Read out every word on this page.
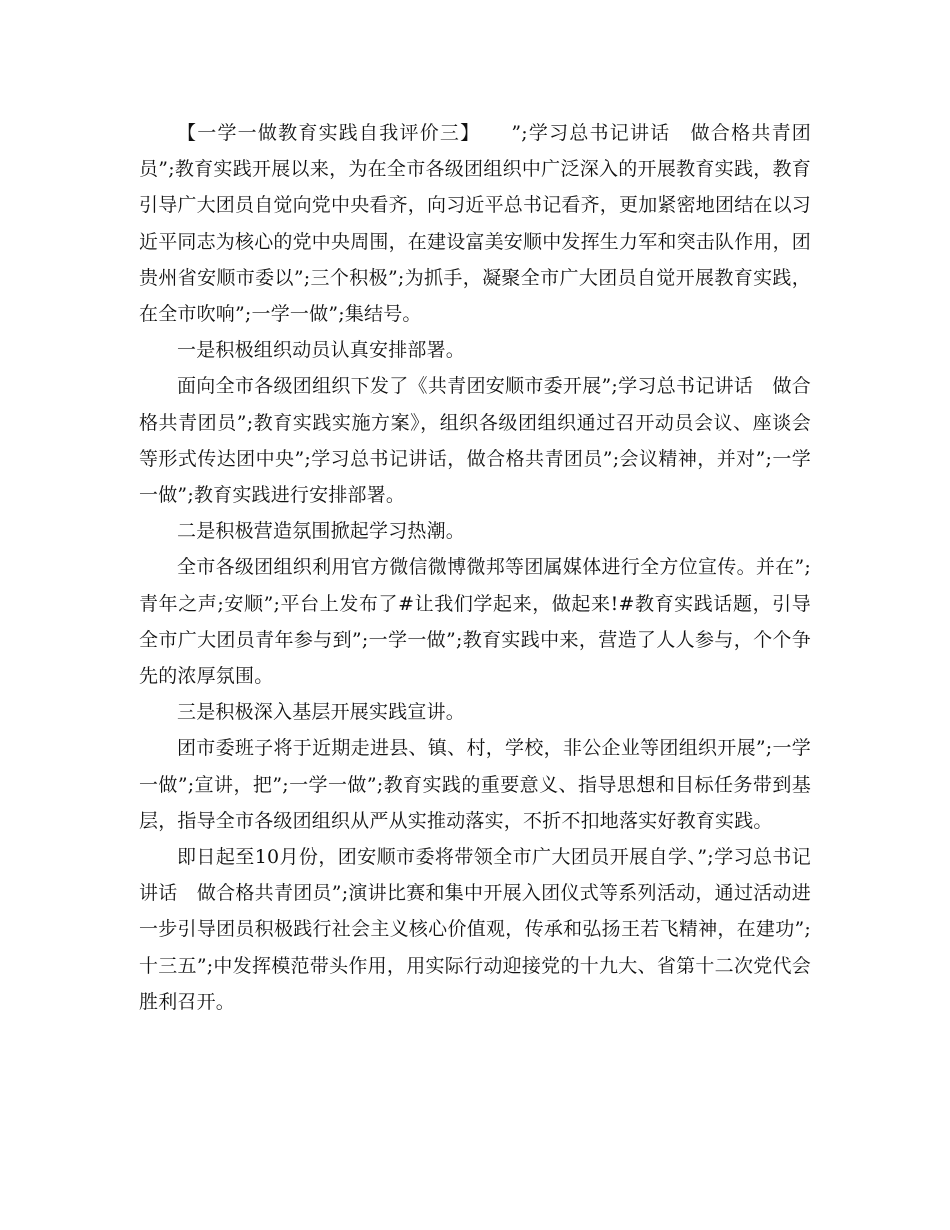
【一学一做教育实践自我评价三】　　”;学习总书记讲话　做合格共青团员”;教育实践开展以来，为在全市各级团组织中广泛深入的开展教育实践，教育引导广大团员自觉向党中央看齐，向习近平总书记看齐，更加紧密地团结在以习近平同志为核心的党中央周围，在建设富美安顺中发挥生力军和突击队作用，团贵州省安顺市委以”;三个积极”;为抓手，凝聚全市广大团员自觉开展教育实践，在全市吹响”;一学一做”;集结号。

一是积极组织动员认真安排部署。

面向全市各级团组织下发了《共青团安顺市委开展”;学习总书记讲话　做合格共青团员”;教育实践实施方案》，组织各级团组织通过召开动员会议、座谈会等形式传达团中央”;学习总书记讲话，做合格共青团员”;会议精神，并对”;一学一做”;教育实践进行安排部署。

二是积极营造氛围掀起学习热潮。

全市各级团组织利用官方微信微博微邦等团属媒体进行全方位宣传。并在”;青年之声;安顺”;平台上发布了#让我们学起来，做起来!#教育实践话题，引导全市广大团员青年参与到”;一学一做”;教育实践中来，营造了人人参与，个个争先的浓厚氛围。

三是积极深入基层开展实践宣讲。

团市委班子将于近期走进县、镇、村，学校，非公企业等团组织开展”;一学一做”;宣讲，把”;一学一做”;教育实践的重要意义、指导思想和目标任务带到基层，指导全市各级团组织从严从实推动落实，不折不扣地落实好教育实践。

即日起至10月份，团安顺市委将带领全市广大团员开展自学、”;学习总书记讲话　做合格共青团员”;演讲比赛和集中开展入团仪式等系列活动，通过活动进一步引导团员积极践行社会主义核心价值观，传承和弘扬王若飞精神，在建功”;十三五”;中发挥模范带头作用，用实际行动迎接党的十九大、省第十二次党代会胜利召开。
